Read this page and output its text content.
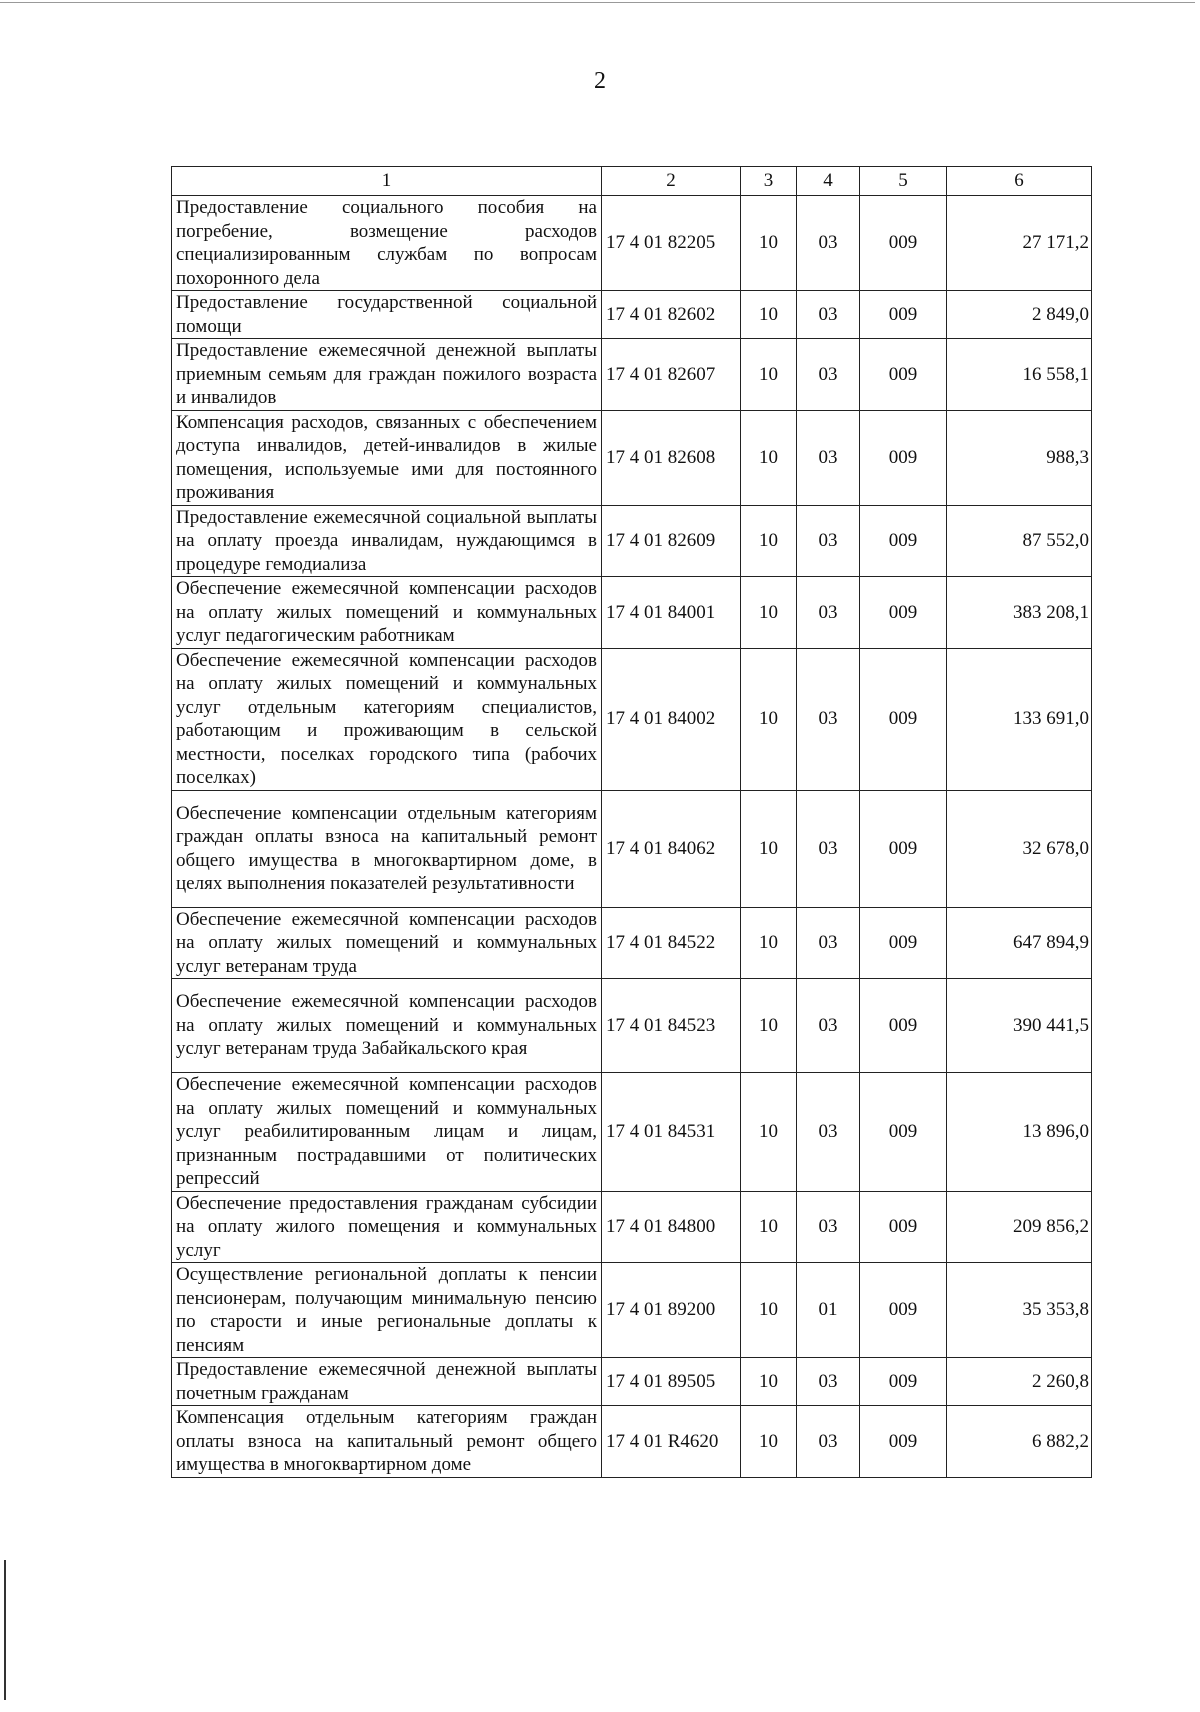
2
1	2	3	4	5	6
Предоставление социального пособия на погребение, возмещение расходов специализированным службам по вопросам похоронного дела	17 4 01 82205	10	03	009	27 171,2
Предоставление государственной социальной помощи	17 4 01 82602	10	03	009	2 849,0
Предоставление ежемесячной денежной выплаты приемным семьям для граждан пожилого возраста и инвалидов	17 4 01 82607	10	03	009	16 558,1
Компенсация расходов, связанных с обеспечением доступа инвалидов, детей-инвалидов в жилые помещения, используемые ими для постоянного проживания	17 4 01 82608	10	03	009	988,3
Предоставление ежемесячной социальной выплаты на оплату проезда инвалидам, нуждающимся в процедуре гемодиализа	17 4 01 82609	10	03	009	87 552,0
Обеспечение ежемесячной компенсации расходов на оплату жилых помещений и коммунальных услуг педагогическим работникам	17 4 01 84001	10	03	009	383 208,1
Обеспечение ежемесячной компенсации расходов на оплату жилых помещений и коммунальных услуг отдельным категориям специалистов, работающим и проживающим в сельской местности, поселках городского типа (рабочих поселках)	17 4 01 84002	10	03	009	133 691,0
Обеспечение компенсации отдельным категориям граждан оплаты взноса на капитальный ремонт общего имущества в многоквартирном доме, в целях выполнения показателей результативности	17 4 01 84062	10	03	009	32 678,0
Обеспечение ежемесячной компенсации расходов на оплату жилых помещений и коммунальных услуг ветеранам труда	17 4 01 84522	10	03	009	647 894,9
Обеспечение ежемесячной компенсации расходов на оплату жилых помещений и коммунальных услуг ветеранам труда Забайкальского края	17 4 01 84523	10	03	009	390 441,5
Обеспечение ежемесячной компенсации расходов на оплату жилых помещений и коммунальных услуг реабилитированным лицам и лицам, признанным пострадавшими от политических репрессий	17 4 01 84531	10	03	009	13 896,0
Обеспечение предоставления гражданам субсидии на оплату жилого помещения и коммунальных услуг	17 4 01 84800	10	03	009	209 856,2
Осуществление региональной доплаты к пенсии пенсионерам, получающим минимальную пенсию по старости и иные региональные доплаты к пенсиям	17 4 01 89200	10	01	009	35 353,8
Предоставление ежемесячной денежной выплаты почетным гражданам	17 4 01 89505	10	03	009	2 260,8
Компенсация отдельным категориям граждан оплаты взноса на капитальный ремонт общего имущества в многоквартирном доме	17 4 01 R4620	10	03	009	6 882,2
